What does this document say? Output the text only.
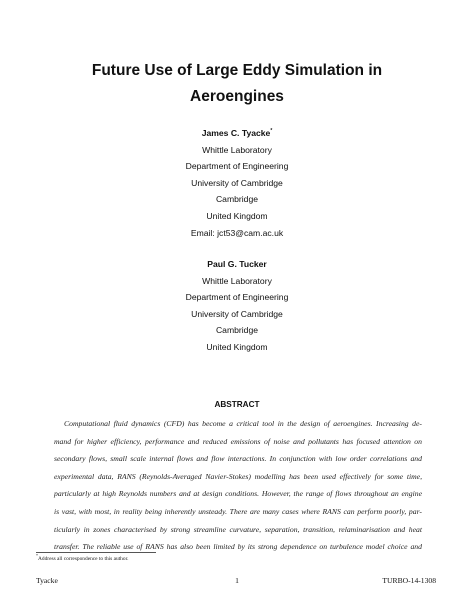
Future Use of Large Eddy Simulation in
Aeroengines
James C. Tyacke*
Whittle Laboratory
Department of Engineering
University of Cambridge
Cambridge
United Kingdom
Email: jct53@cam.ac.uk
Paul G. Tucker
Whittle Laboratory
Department of Engineering
University of Cambridge
Cambridge
United Kingdom
ABSTRACT
Computational fluid dynamics (CFD) has become a critical tool in the design of aeroengines. Increasing de-
mand for higher efficiency, performance and reduced emissions of noise and pollutants has focused attention on
secondary flows, small scale internal flows and flow interactions. In conjunction with low order correlations and
experimental data, RANS (Reynolds-Averaged Navier-Stokes) modelling has been used effectively for some time,
particularly at high Reynolds numbers and at design conditions. However, the range of flows throughout an engine
is vast, with most, in reality being inherently unsteady. There are many cases where RANS can perform poorly, par-
ticularly in zones characterised by strong streamline curvature, separation, transition, relaminarisation and heat
transfer. The reliable use of RANS has also been limited by its strong dependence on turbulence model choice and
*Address all correspondence to this author.
Tyacke	1	TURBO-14-1308
